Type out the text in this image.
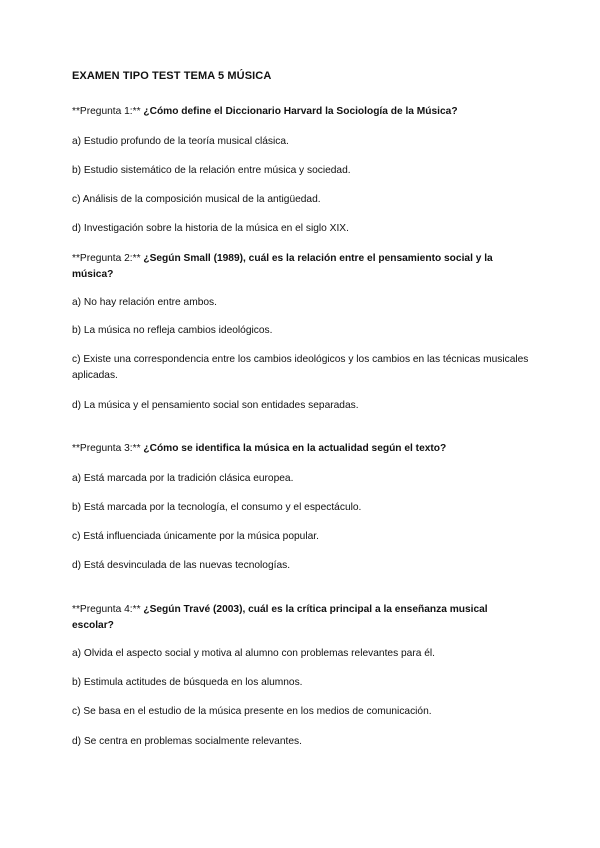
EXAMEN TIPO TEST TEMA 5 MÚSICA
**Pregunta 1:** ¿Cómo define el Diccionario Harvard la Sociología de la Música?
a) Estudio profundo de la teoría musical clásica.
b) Estudio sistemático de la relación entre música y sociedad.
c) Análisis de la composición musical de la antigüedad.
d) Investigación sobre la historia de la música en el siglo XIX.
**Pregunta 2:** ¿Según Small (1989), cuál es la relación entre el pensamiento social y la música?
a) No hay relación entre ambos.
b) La música no refleja cambios ideológicos.
c) Existe una correspondencia entre los cambios ideológicos y los cambios en las técnicas musicales aplicadas.
d) La música y el pensamiento social son entidades separadas.
**Pregunta 3:** ¿Cómo se identifica la música en la actualidad según el texto?
a) Está marcada por la tradición clásica europea.
b) Está marcada por la tecnología, el consumo y el espectáculo.
c) Está influenciada únicamente por la música popular.
d) Está desvinculada de las nuevas tecnologías.
**Pregunta 4:** ¿Según Travé (2003), cuál es la crítica principal a la enseñanza musical escolar?
a) Olvida el aspecto social y motiva al alumno con problemas relevantes para él.
b) Estimula actitudes de búsqueda en los alumnos.
c) Se basa en el estudio de la música presente en los medios de comunicación.
d) Se centra en problemas socialmente relevantes.
